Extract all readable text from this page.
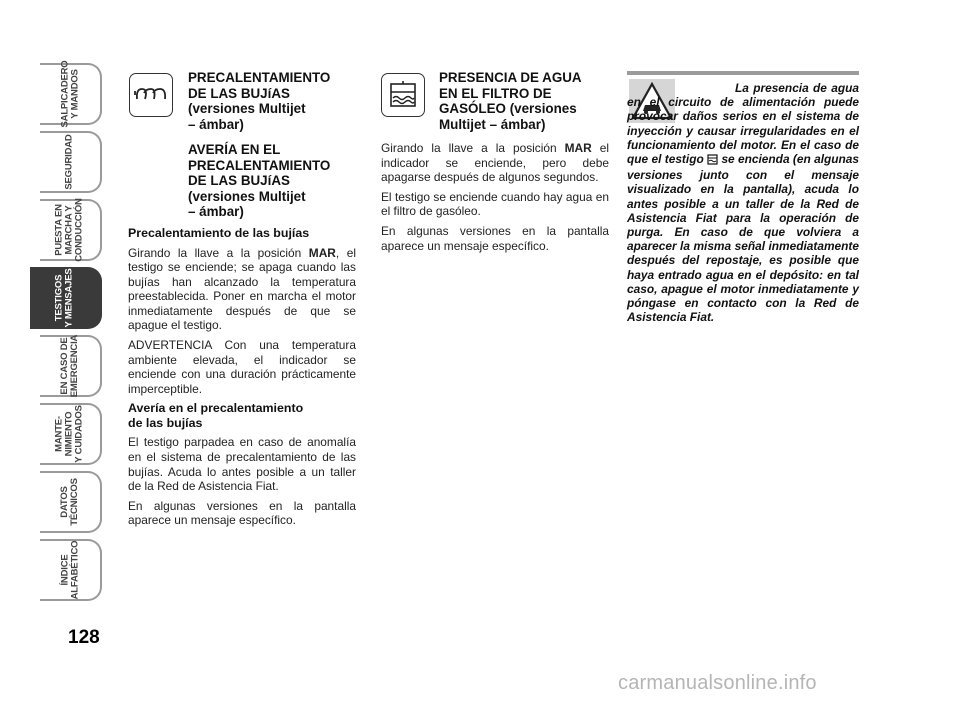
SALPICADERO
Y MANDOS
SEGURIDAD
PUESTA EN
MARCHA Y
CONDUCCIÓN
TESTIGOS
Y MENSAJES
EN CASO DE
EMERGENCIA
MANTE-
NIMIENTO
Y CUIDADOS
DATOS
TÉCNICOS
ÍNDICE
ALFABÉTICO
128
PRECALENTAMIENTO
DE LAS BUJíAS
(versiones Multijet
– ámbar)
AVERÍA EN EL
PRECALENTAMIENTO
DE LAS BUJíAS
(versiones Multijet
– ámbar)
Precalentamiento de las bujías

Girando la llave a la posición MAR, el testigo se enciende; se apaga cuando las bujías han alcanzado la temperatura preestablecida. Poner en marcha el motor inmediatamente después de que se apague el testigo.

ADVERTENCIA Con una temperatura ambiente elevada, el indicador se enciende con una duración prácticamente imperceptible.

Avería en el precalentamiento
de las bujías

El testigo parpadea en caso de anomalía en el sistema de precalentamiento de las bujías. Acuda lo antes posible a un taller de la Red de Asistencia Fiat.

En algunas versiones en la pantalla aparece un mensaje específico.

PRESENCIA DE AGUA
EN EL FILTRO DE
GASÓLEO (versiones
Multijet – ámbar)

Girando la llave a la posición MAR el indicador se enciende, pero debe apagarse después de algunos segundos.

El testigo se enciende cuando hay agua en el filtro de gasóleo.

En algunas versiones en la pantalla aparece un mensaje específico.

La presencia de agua en el circuito de alimentación puede provocar daños serios en el sistema de inyección y causar irregularidades en el funcionamiento del motor. En el caso de que el testigo  se encienda (en algunas versiones junto con el mensaje visualizado en la pantalla), acuda lo antes posible a un taller de la Red de Asistencia Fiat para la operación de purga. En caso de que volviera a aparecer la misma señal inmediatamente después del repostaje, es posible que haya entrado agua en el depósito: en tal caso, apague el motor inmediatamente y póngase en contacto con la Red de Asistencia Fiat.
carmanualsonline.info
